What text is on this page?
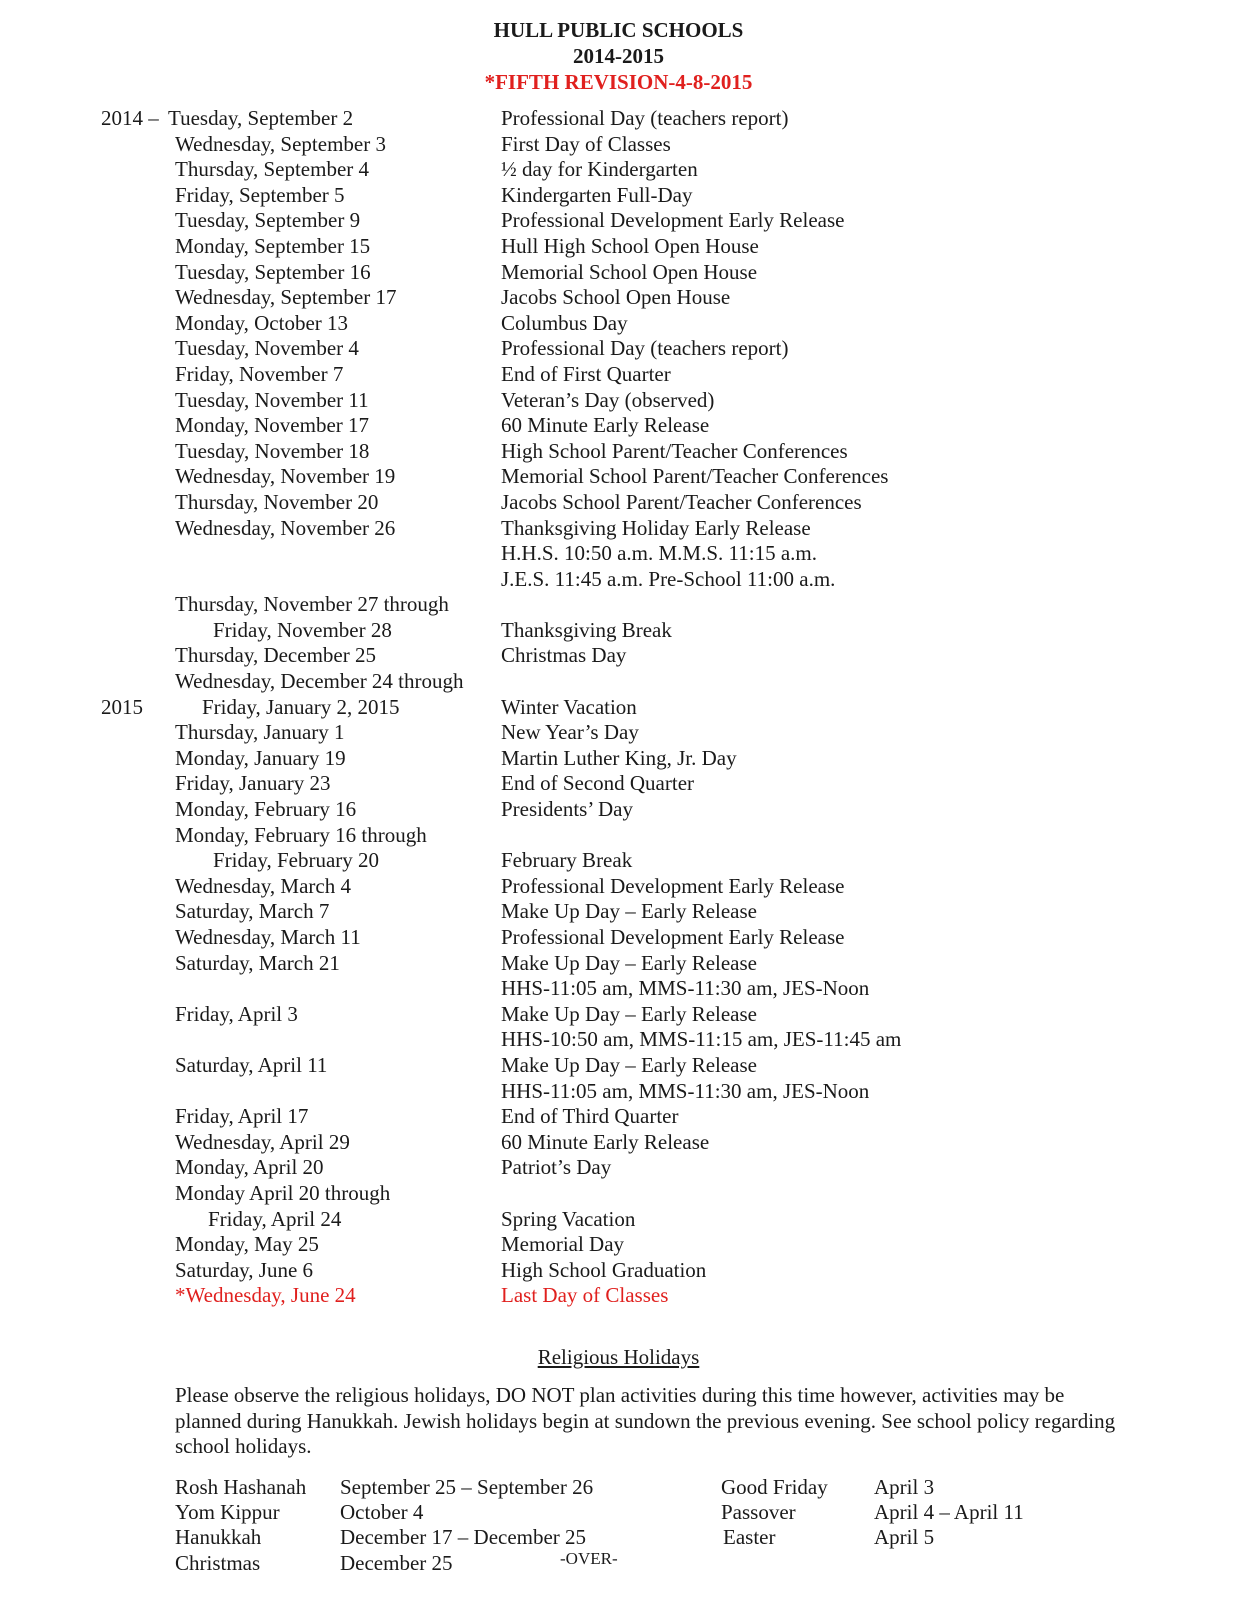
HULL PUBLIC SCHOOLS
2014-2015
*FIFTH REVISION-4-8-2015
2014 – Tuesday, September 2	Professional Day (teachers report)
Wednesday, September 3	First Day of Classes
Thursday, September 4	½ day for Kindergarten
Friday, September 5	Kindergarten Full-Day
Tuesday, September 9	Professional Development Early Release
Monday, September 15	Hull High School Open House
Tuesday, September 16	Memorial School Open House
Wednesday, September 17	Jacobs School Open House
Monday, October 13	Columbus Day
Tuesday, November 4	Professional Day (teachers report)
Friday, November 7	End of First Quarter
Tuesday, November 11	Veteran’s Day (observed)
Monday, November 17	60 Minute Early Release
Tuesday, November 18	High School Parent/Teacher Conferences
Wednesday, November 19	Memorial School Parent/Teacher Conferences
Thursday, November 20	Jacobs School Parent/Teacher Conferences
Wednesday, November 26	Thanksgiving Holiday Early Release
H.H.S. 10:50 a.m. M.M.S. 11:15 a.m.
J.E.S. 11:45 a.m. Pre-School 11:00 a.m.
Thursday, November 27 through
Friday, November 28	Thanksgiving Break
Thursday, December 25	Christmas Day
Wednesday, December 24 through
2015	Friday, January 2, 2015	Winter Vacation
Thursday, January 1	New Year’s Day
Monday, January 19	Martin Luther King, Jr. Day
Friday, January 23	End of Second Quarter
Monday, February 16	Presidents’ Day
Monday, February 16 through
Friday, February 20	February Break
Wednesday, March 4	Professional Development Early Release
Saturday, March 7	Make Up Day – Early Release
Wednesday, March 11	Professional Development Early Release
Saturday, March 21	Make Up Day – Early Release
HHS-11:05 am, MMS-11:30 am, JES-Noon
Friday, April 3	Make Up Day – Early Release
HHS-10:50 am, MMS-11:15 am, JES-11:45 am
Saturday, April 11	Make Up Day – Early Release
HHS-11:05 am, MMS-11:30 am, JES-Noon
Friday, April 17	End of Third Quarter
Wednesday, April 29	60 Minute Early Release
Monday, April 20	Patriot’s Day
Monday April 20 through
Friday, April 24	Spring Vacation
Monday, May 25	Memorial Day
Saturday, June 6	High School Graduation
*Wednesday, June 24	Last Day of Classes
Religious Holidays
Please observe the religious holidays, DO NOT plan activities during this time however, activities may be planned during Hanukkah. Jewish holidays begin at sundown the previous evening. See school policy regarding school holidays.
Rosh Hashanah September 25 – September 26
Yom Kippur	October 4
Hanukkah	December 17 – December 25
Christmas	December 25
Good Friday April 3
Passover	April 4 – April 11
Easter	April 5
-OVER-
